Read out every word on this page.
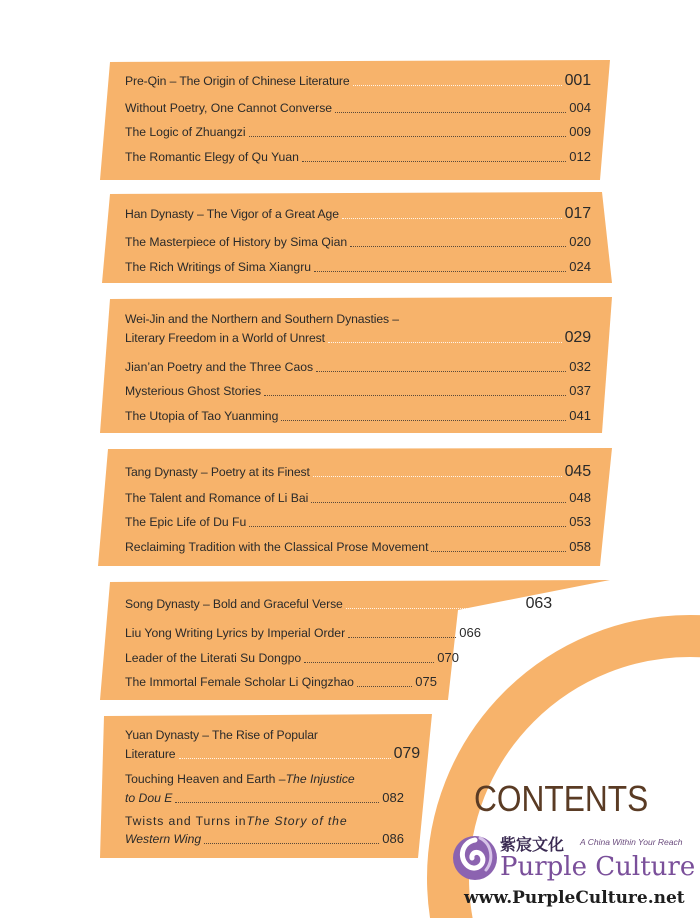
Pre-Qin – The Origin of Chinese Literature	001
Without Poetry, One Cannot Converse	004
The Logic of Zhuangzi	009
The Romantic Elegy of Qu Yuan	012
Han Dynasty – The Vigor of a Great Age	017
The Masterpiece of History by Sima Qian	020
The Rich Writings of Sima Xiangru	024
Wei-Jin and the Northern and Southern Dynasties –
Literary Freedom in a World of Unrest	029
Jian’an Poetry and the Three Caos	032
Mysterious Ghost Stories	037
The Utopia of Tao Yuanming	041
Tang Dynasty – Poetry at its Finest	045
The Talent and Romance of Li Bai	048
The Epic Life of Du Fu	053
Reclaiming Tradition with the Classical Prose Movement	058
Song Dynasty – Bold and Graceful Verse	063
Liu Yong Writing Lyrics by Imperial Order	066
Leader of the Literati Su Dongpo	070
The Immortal Female Scholar Li Qingzhao	075
Yuan Dynasty – The Rise of Popular
Literature	079
Touching Heaven and Earth – The Injustice
to Dou E	082
Twists and Turns in The Story of the
Western Wing	086
CONTENTS
紫宸文化 A China Within Your Reach
Purple Culture
www.PurpleCulture.net
